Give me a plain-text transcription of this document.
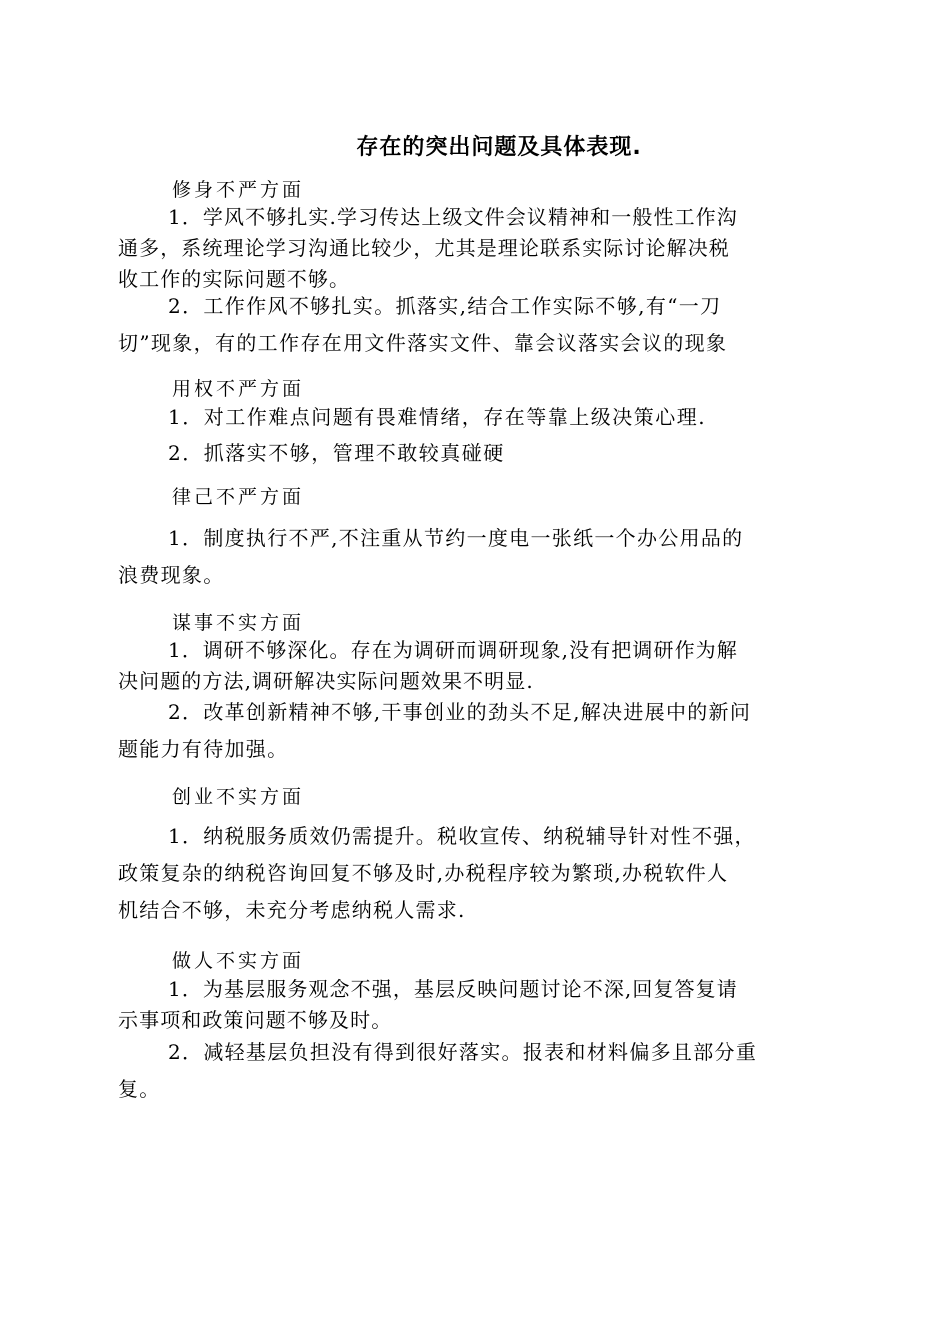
存在的突出问题及具体表现.
修身不严方面
1．学风不够扎实.学习传达上级文件会议精神和一般性工作沟
通多，系统理论学习沟通比较少，尤其是理论联系实际讨论解决税
收工作的实际问题不够。
2．工作作风不够扎实。抓落实,结合工作实际不够,有“一刀
切”现象，有的工作存在用文件落实文件、靠会议落实会议的现象
用权不严方面
1．对工作难点问题有畏难情绪，存在等靠上级决策心理.
2．抓落实不够，管理不敢较真碰硬
律己不严方面
1．制度执行不严,不注重从节约一度电一张纸一个办公用品的
浪费现象。
谋事不实方面
1．调研不够深化。存在为调研而调研现象,没有把调研作为解
决问题的方法,调研解决实际问题效果不明显.
2．改革创新精神不够,干事创业的劲头不足,解决进展中的新问
题能力有待加强。
创业不实方面
1．纳税服务质效仍需提升。税收宣传、纳税辅导针对性不强，
政策复杂的纳税咨询回复不够及时,办税程序较为繁琐,办税软件人
机结合不够，未充分考虑纳税人需求.
做人不实方面
1．为基层服务观念不强，基层反映问题讨论不深,回复答复请
示事项和政策问题不够及时。
2．减轻基层负担没有得到很好落实。报表和材料偏多且部分重
复。
